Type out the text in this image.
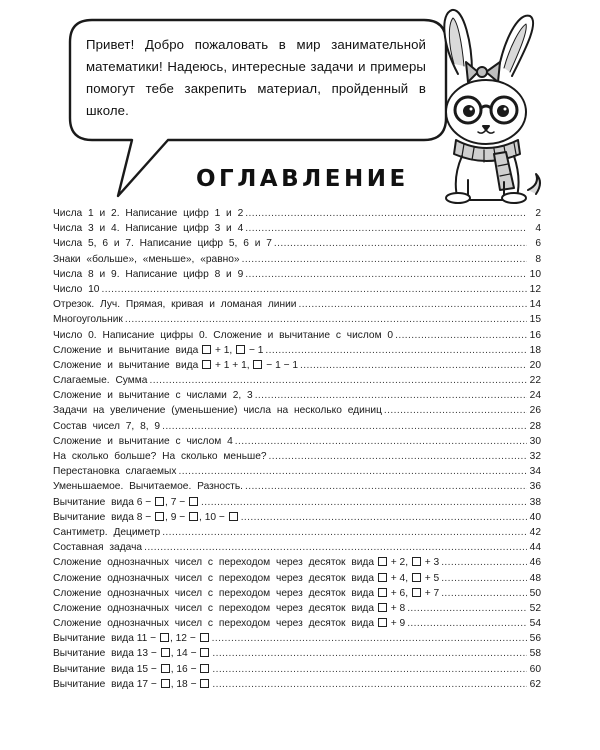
Привет! Добро пожаловать в мир занимательной математики! Надеюсь, интересные задачи и примеры помогут тебе закрепить материал, пройденный в школе.
ОГЛАВЛЕНИЕ
Числа 1 и 2. Написание цифр 1 и 2 .....	2
Числа 3 и 4. Написание цифр 3 и 4 .....	4
Числа 5, 6 и 7. Написание цифр 5, 6 и 7 .....	6
Знаки «больше», «меньше», «равно» .....	8
Числа 8 и 9. Написание цифр 8 и 9 .....	10
Число 10 .....	12
Отрезок. Луч. Прямая, кривая и ломаная линии .....	14
Многоугольник .....	15
Число 0. Написание цифры 0. Сложение и вычитание с числом 0 .....	16
Сложение и вычитание вида + 1, − 1 .....	18
Сложение и вычитание вида + 1 + 1, − 1 − 1 .....	20
Слагаемые. Сумма .....	22
Сложение и вычитание с числами 2, 3 .....	24
Задачи на увеличение (уменьшение) числа на несколько единиц .....	26
Состав чисел 7, 8, 9 .....	28
Сложение и вычитание с числом 4 .....	30
На сколько больше? На сколько меньше? .....	32
Перестановка слагаемых .....	34
Уменьшаемое. Вычитаемое. Разность. .....	36
Вычитание вида 6 − , 7 − .....	38
Вычитание вида 8 − , 9 − , 10 − .....	40
Сантиметр. Дециметр .....	42
Составная задача .....	44
Сложение однозначных чисел с переходом через десяток вида + 2, + 3 .....	46
Сложение однозначных чисел с переходом через десяток вида + 4, + 5 .....	48
Сложение однозначных чисел с переходом через десяток вида + 6, + 7 .....	50
Сложение однозначных чисел с переходом через десяток вида + 8 .....	52
Сложение однозначных чисел с переходом через десяток вида + 9 .....	54
Вычитание вида 11 − , 12 − .....	56
Вычитание вида 13 − , 14 − .....	58
Вычитание вида 15 − , 16 − .....	60
Вычитание вида 17 − , 18 − .....	62
